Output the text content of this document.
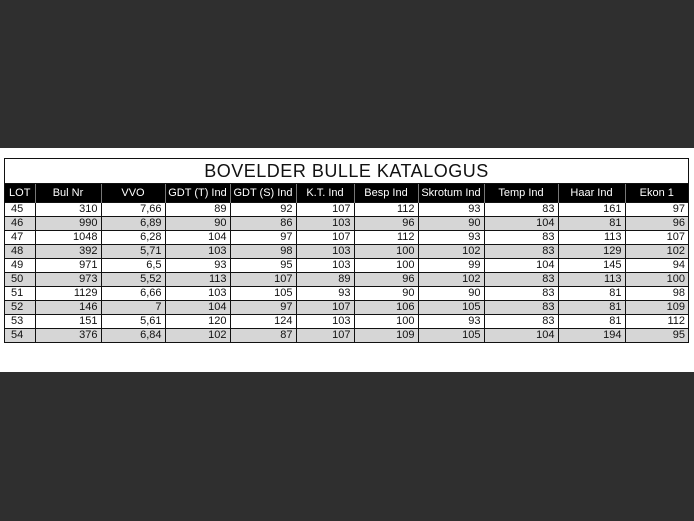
BOVELDER BULLE KATALOGUS
LOT	Bul Nr	VVO	GDT (T) Ind	GDT (S) Ind	K.T. Ind	Besp Ind	Skrotum Ind	Temp Ind	Haar Ind	Ekon 1
45	310	7,66	89	92	107	112	93	83	161	97
46	990	6,89	90	86	103	96	90	104	81	96
47	1048	6,28	104	97	107	112	93	83	113	107
48	392	5,71	103	98	103	100	102	83	129	102
49	971	6,5	93	95	103	100	99	104	145	94
50	973	5,52	113	107	89	96	102	83	113	100
51	1129	6,66	103	105	93	90	90	83	81	98
52	146	7	104	97	107	106	105	83	81	109
53	151	5,61	120	124	103	100	93	83	81	112
54	376	6,84	102	87	107	109	105	104	194	95
